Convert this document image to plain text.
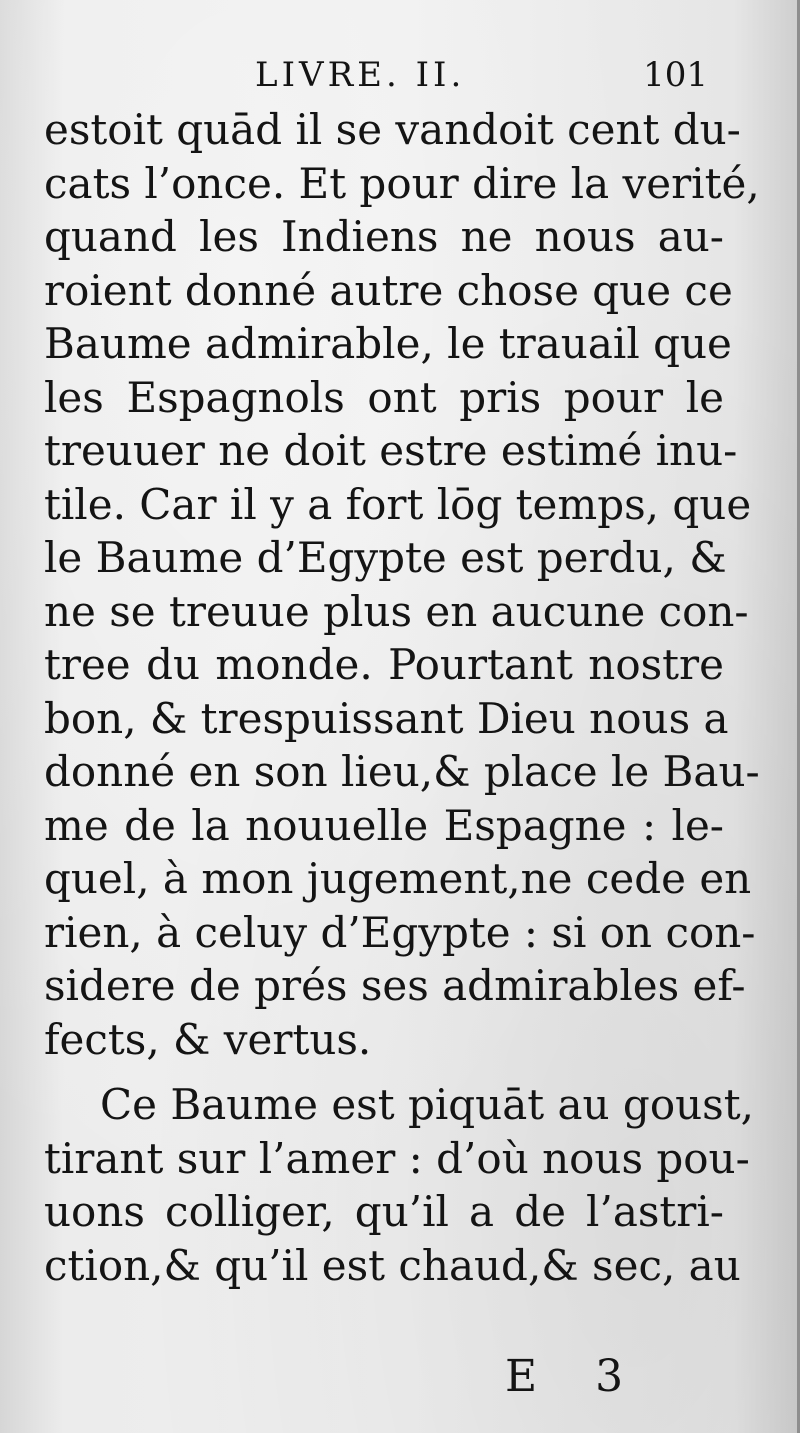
LIVRE. II.	101
estoit quād il se vandoit cent du-
cats l’once. Et pour dire la verité,
quand les Indiens ne nous au-
roient donné autre chose que ce
Baume admirable, le trauail que
les Espagnols ont pris pour le
treuuer ne doit estre estimé inu-
tile. Car il y a fort lōg temps, que
le Baume d’Egypte est perdu, &
ne se treuue plus en aucune con-
tree du monde. Pourtant nostre
bon, & trespuissant Dieu nous a
donné en son lieu,& place le Bau-
me de la nouuelle Espagne : le-
quel, à mon jugement,ne cede en
rien, à celuy d’Egypte : si on con-
sidere de prés ses admirables ef-
fects, & vertus.
Ce Baume est piquāt au goust,
tirant sur l’amer : d’où nous pou-
uons colliger, qu’il a de l’astri-
ction,& qu’il est chaud,& sec, au
E 3
